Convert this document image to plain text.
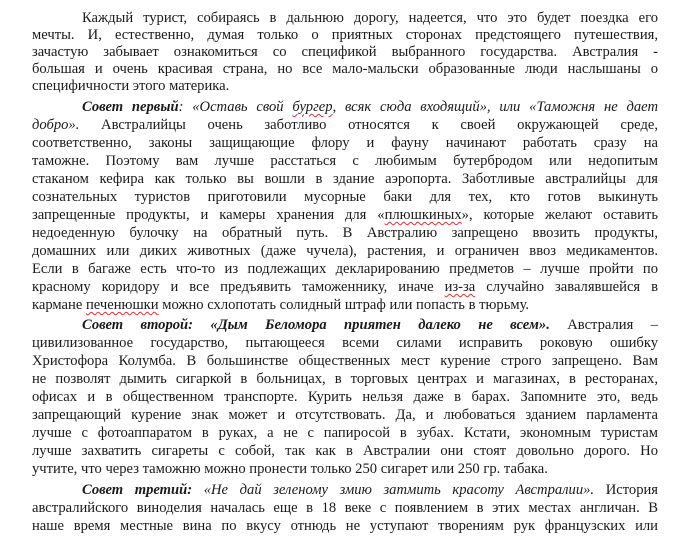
Каждый турист, собираясь в дальнюю дорогу, надеется, что это будет поездка его
мечты. И, естественно, думая только о приятных сторонах предстоящего путешествия,
зачастую забывает ознакомиться со спецификой выбранного государства. Австралия -
большая и очень красивая страна, но все мало-мальски образованные люди наслышаны о
специфичности этого материка.
Совет первый: «Оставь свой бургер, всяк сюда входящий», или «Таможня не дает
добро». Австралийцы очень заботливо относятся к своей окружающей среде,
соответственно, законы защищающие флору и фауну начинают работать сразу на
таможне. Поэтому вам лучше расстаться с любимым бутербродом или недопитым
стаканом кефира как только вы вошли в здание аэропорта. Заботливые австралийцы для
сознательных туристов приготовили мусорные баки для тех, кто готов выкинуть
запрещенные продукты, и камеры хранения для «плюшкиных», которые желают оставить
недоеденную булочку на обратный путь. В Австралию запрещено ввозить продукты,
домашних или диких животных (даже чучела), растения, и ограничен ввоз медикаментов.
Если в багаже есть что-то из подлежащих декларированию предметов – лучше пройти по
красному коридору и все предъявить таможеннику, иначе из-за случайно завалявшейся в
кармане печенюшки можно схлопотать солидный штраф или попасть в тюрьму.
Совет второй: «Дым Беломора приятен далеко не всем». Австралия –
цивилизованное государство, пытающееся всеми силами исправить роковую ошибку
Христофора Колумба. В большинстве общественных мест курение строго запрещено. Вам
не позволят дымить сигаркой в больницах, в торговых центрах и магазинах, в ресторанах,
офисах и в общественном транспорте. Курить нельзя даже в барах. Запомните это, ведь
запрещающий курение знак может и отсутствовать. Да, и любоваться зданием парламента
лучше с фотоаппаратом в руках, а не с папиросой в зубах. Кстати, экономным туристам
лучше захватить сигареты с собой, так как в Австралии они стоят довольно дорого. Но
учтите, что через таможню можно пронести только 250 сигарет или 250 гр. табака.
Совет третий: «Не дай зеленому змию затмить красоту Австралии». История
австралийского виноделия началась еще в 18 веке с появлением в этих местах англичан. В
наше время местные вина по вкусу отнюдь не уступают творениям рук французских или
